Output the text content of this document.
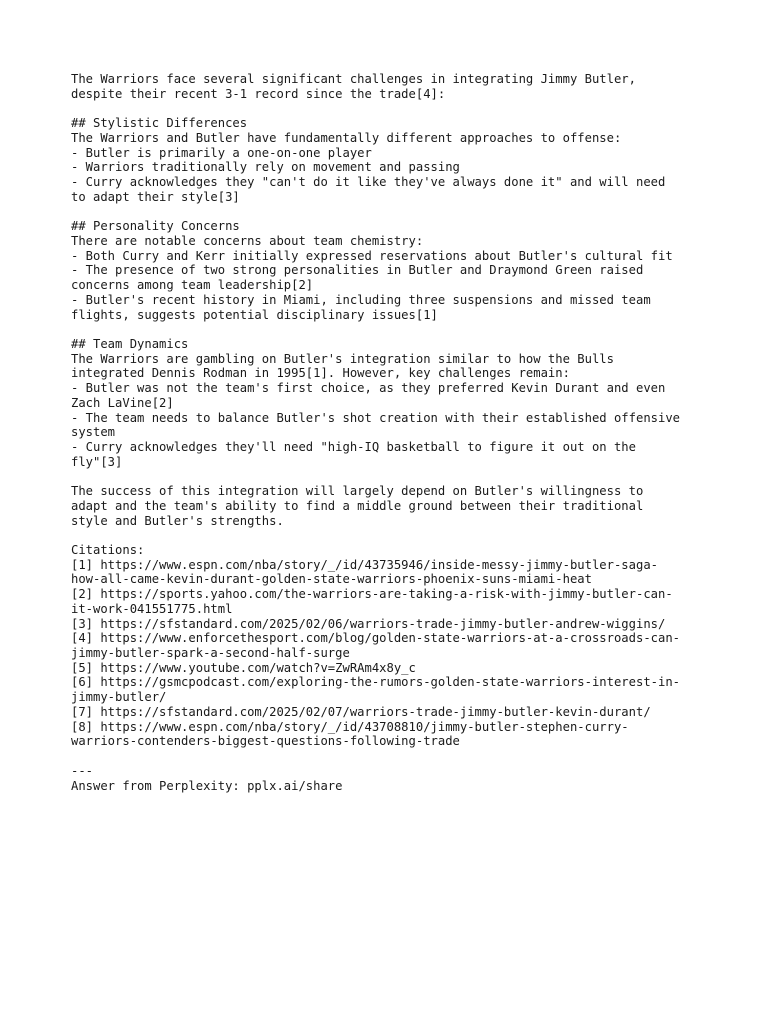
The Warriors face several significant challenges in integrating Jimmy Butler,
despite their recent 3-1 record since the trade[4]:
## Stylistic Differences
The Warriors and Butler have fundamentally different approaches to offense:
- Butler is primarily a one-on-one player
- Warriors traditionally rely on movement and passing
- Curry acknowledges they "can't do it like they've always done it" and will need
to adapt their style[3]
## Personality Concerns
There are notable concerns about team chemistry:
- Both Curry and Kerr initially expressed reservations about Butler's cultural fit
- The presence of two strong personalities in Butler and Draymond Green raised
concerns among team leadership[2]
- Butler's recent history in Miami, including three suspensions and missed team
flights, suggests potential disciplinary issues[1]
## Team Dynamics
The Warriors are gambling on Butler's integration similar to how the Bulls
integrated Dennis Rodman in 1995[1]. However, key challenges remain:
- Butler was not the team's first choice, as they preferred Kevin Durant and even
Zach LaVine[2]
- The team needs to balance Butler's shot creation with their established offensive
system
- Curry acknowledges they'll need "high-IQ basketball to figure it out on the
fly"[3]
The success of this integration will largely depend on Butler's willingness to
adapt and the team's ability to find a middle ground between their traditional
style and Butler's strengths.
Citations:
[1] https://www.espn.com/nba/story/_/id/43735946/inside-messy-jimmy-butler-saga-
how-all-came-kevin-durant-golden-state-warriors-phoenix-suns-miami-heat
[2] https://sports.yahoo.com/the-warriors-are-taking-a-risk-with-jimmy-butler-can-
it-work-041551775.html
[3] https://sfstandard.com/2025/02/06/warriors-trade-jimmy-butler-andrew-wiggins/
[4] https://www.enforcethesport.com/blog/golden-state-warriors-at-a-crossroads-can-
jimmy-butler-spark-a-second-half-surge
[5] https://www.youtube.com/watch?v=ZwRAm4x8y_c
[6] https://gsmcpodcast.com/exploring-the-rumors-golden-state-warriors-interest-in-
jimmy-butler/
[7] https://sfstandard.com/2025/02/07/warriors-trade-jimmy-butler-kevin-durant/
[8] https://www.espn.com/nba/story/_/id/43708810/jimmy-butler-stephen-curry-
warriors-contenders-biggest-questions-following-trade
---
Answer from Perplexity: pplx.ai/share
